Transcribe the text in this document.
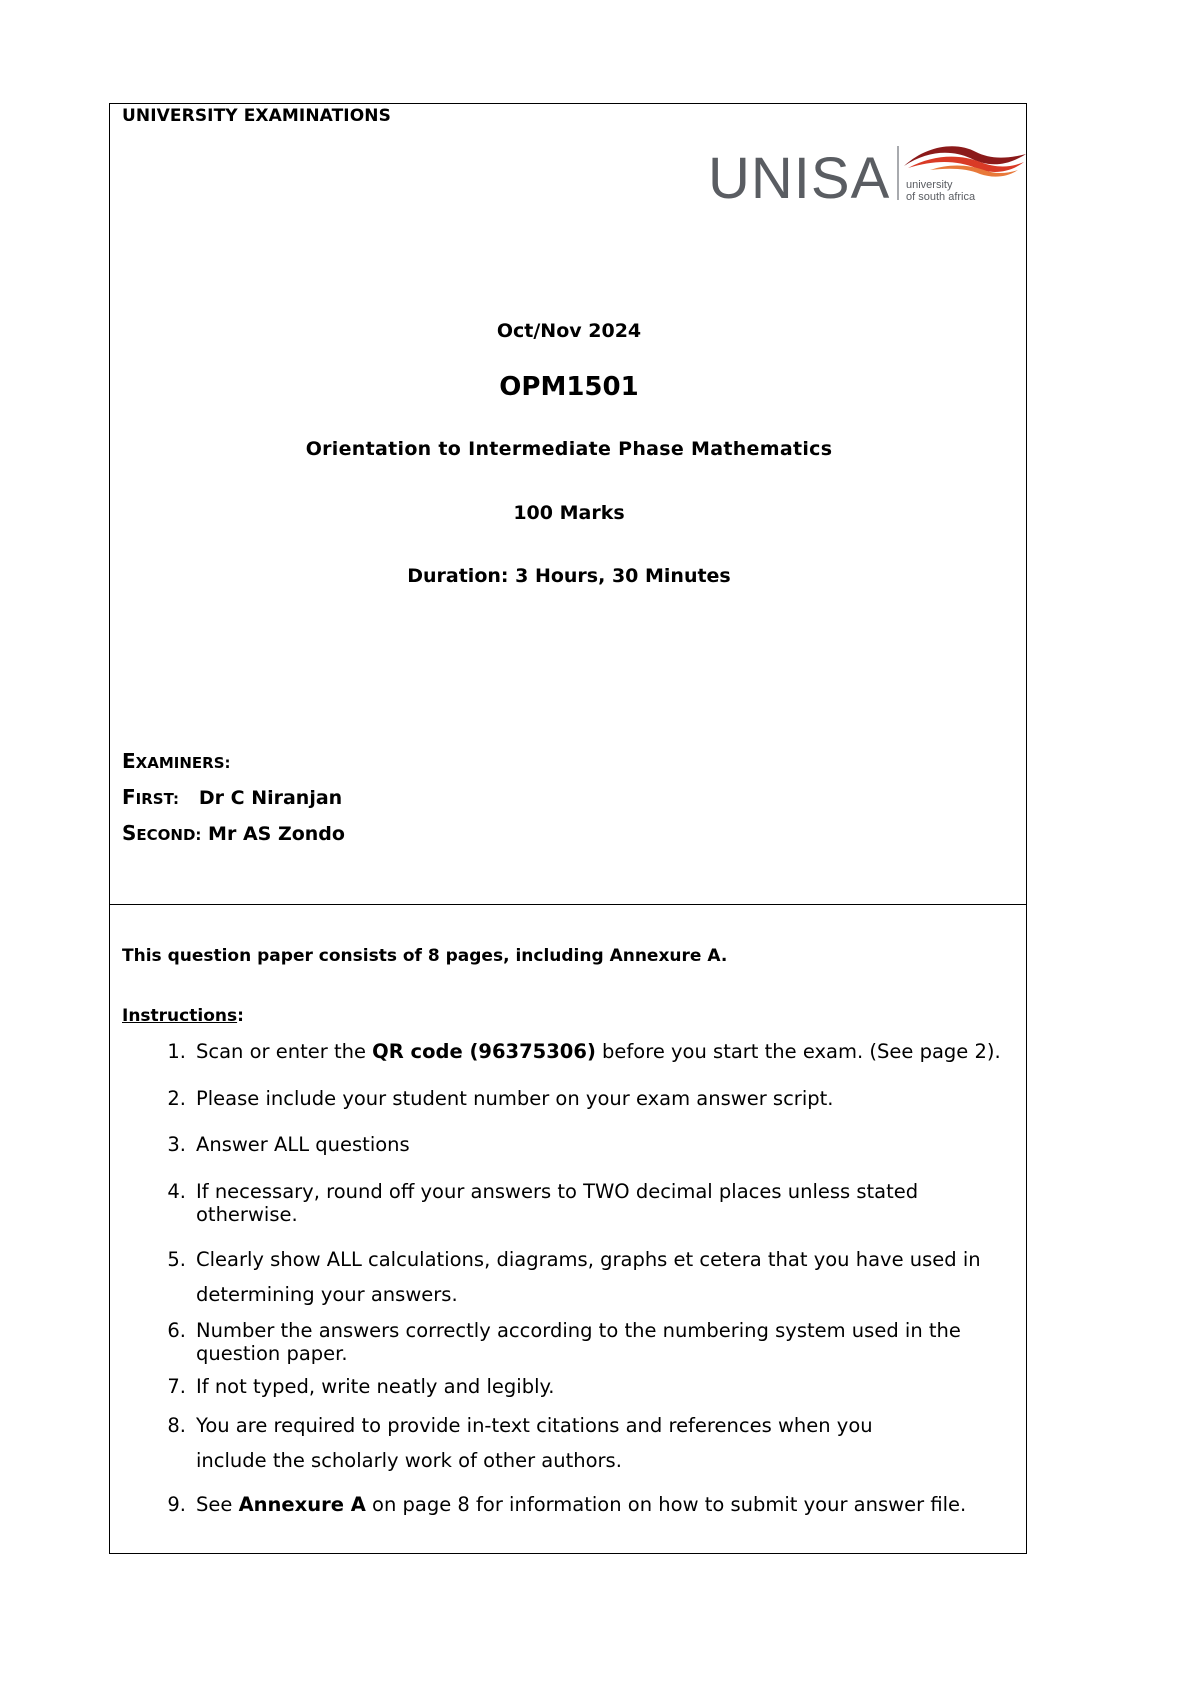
UNIVERSITY EXAMINATIONS
UNISA university
of south africa
Oct/Nov 2024
OPM1501
Orientation to Intermediate Phase Mathematics
100 Marks
Duration: 3 Hours, 30 Minutes
EXAMINERS:
FIRST: Dr C Niranjan
SECOND: Mr AS Zondo
This question paper consists of 8 pages, including Annexure A.
Instructions:
1. Scan or enter the QR code (96375306) before you start the exam. (See page 2).
2. Please include your student number on your exam answer script.
3. Answer ALL questions
4. If necessary, round off your answers to TWO decimal places unless stated otherwise.
5. Clearly show ALL calculations, diagrams, graphs et cetera that you have used in determining your answers.
6. Number the answers correctly according to the numbering system used in the question paper.
7. If not typed, write neatly and legibly.
8. You are required to provide in-text citations and references when you include the scholarly work of other authors.
9. See Annexure A on page 8 for information on how to submit your answer file.
